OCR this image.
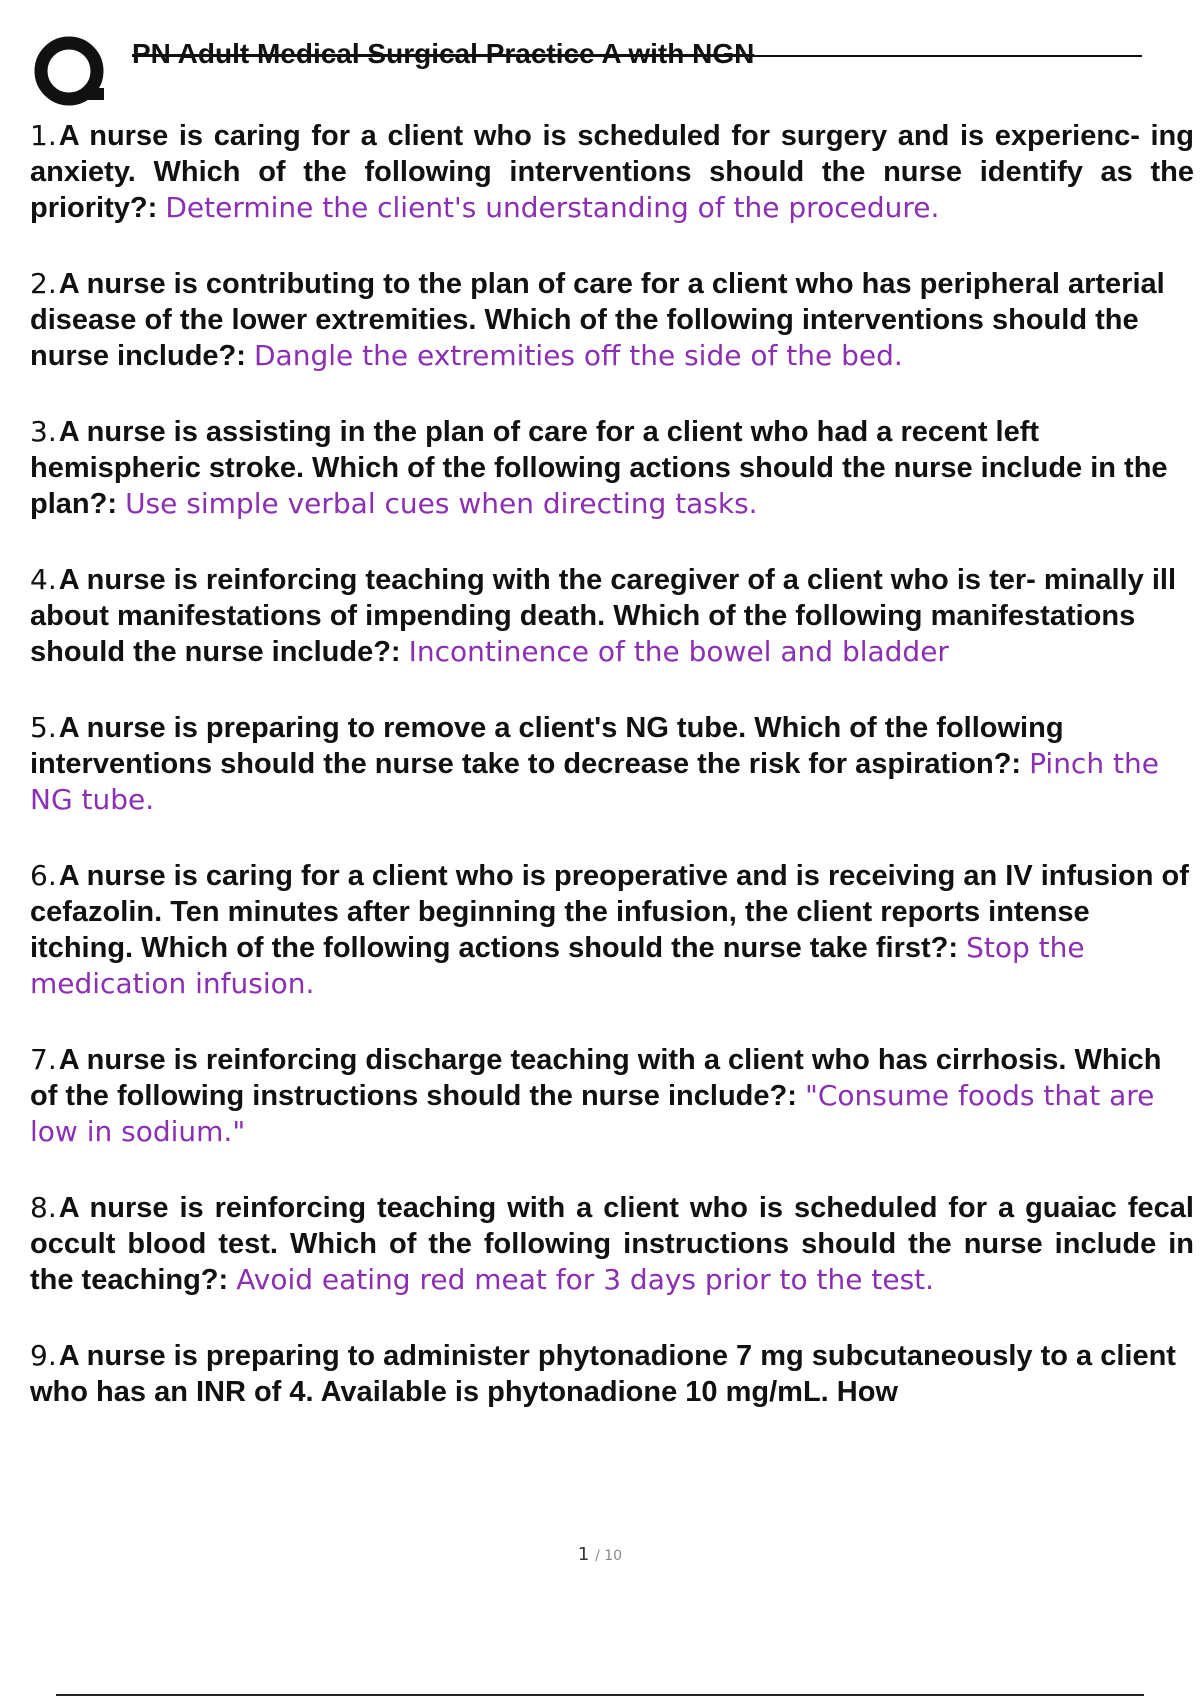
PN Adult Medical Surgical Practice A with NGN

1.A nurse is caring for a client who is scheduled for surgery and is experienc- ing anxiety. Which of the following interventions should the nurse identify as the priority?: Determine the client's understanding of the procedure.

2.A nurse is contributing to the plan of care for a client who has peripheral arterial disease of the lower extremities. Which of the following interventions should the nurse include?: Dangle the extremities off the side of the bed.

3.A nurse is assisting in the plan of care for a client who had a recent left hemispheric stroke. Which of the following actions should the nurse include in the plan?: Use simple verbal cues when directing tasks.

4.A nurse is reinforcing teaching with the caregiver of a client who is ter- minally ill about manifestations of impending death. Which of the following manifestations should the nurse include?: Incontinence of the bowel and bladder

5.A nurse is preparing to remove a client's NG tube. Which of the following interventions should the nurse take to decrease the risk for aspiration?: Pinch the NG tube.

6.A nurse is caring for a client who is preoperative and is receiving an IV infusion of cefazolin. Ten minutes after beginning the infusion, the client reports intense itching. Which of the following actions should the nurse take first?: Stop the medication infusion.

7.A nurse is reinforcing discharge teaching with a client who has cirrhosis. Which of the following instructions should the nurse include?: "Consume foods that are low in sodium."

8.A nurse is reinforcing teaching with a client who is scheduled for a guaiac fecal occult blood test. Which of the following instructions should the nurse include in the teaching?: Avoid eating red meat for 3 days prior to the test.

9.A nurse is preparing to administer phytonadione 7 mg subcutaneously to a client who has an INR of 4. Available is phytonadione 10 mg/mL. How

1 / 10
